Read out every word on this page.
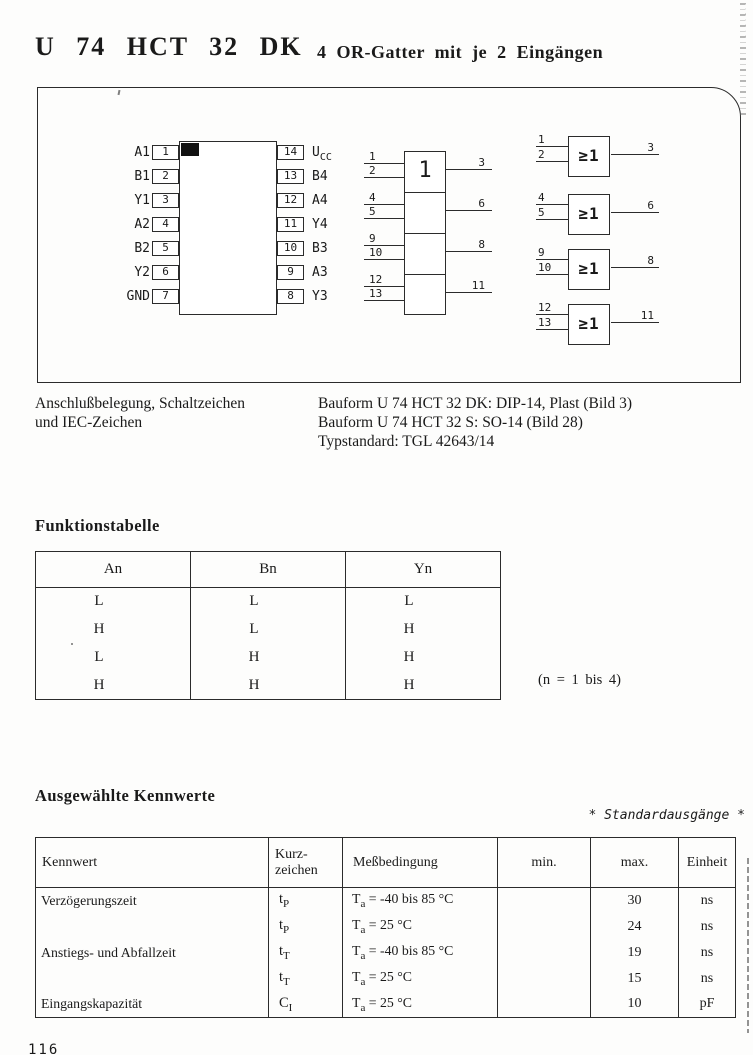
U 74 HCT 32 DK 4 OR-Gatter mit je 2 Eingängen
A1
B1
Y1
A2
B2
Y2
GND
1
2
3
4
5
6
7
14
13
12
11
10
9
8
$U_{CC}$
B4
A4
Y4
B3
A3
Y3
1
1
2
3
4
5
6
9
10
8
12
13
11
≥1
≥1
≥1
≥1
1
2
3
4
5
6
9
10
8
12
13
11
Anschlußbelegung, Schaltzeichen
und IEC-Zeichen
Bauform U 74 HCT 32 DK: DIP-14, Plast (Bild 3)
Bauform U 74 HCT 32 S: SO-14 (Bild 28)
Typstandard: TGL 42643/14
Funktionstabelle
An	Bn	Yn
L	L	L
H	L	H
L	H	H
H	H	H	(n = 1 bis 4)
Ausgewählte Kennwerte
* Standardausgänge *
Kennwert	Kurz-
zeichen	Meßbedingung	min.	max.	Einheit
Verzögerungszeit	$t_P$	$T_a = -40$ bis 85 °C		30	ns
	$t_P$	$T_a = 25$ °C		24	ns
Anstiegs- und Abfallzeit	$t_T$	$T_a = -40$ bis 85 °C		19	ns
	$t_T$	$T_a = 25$ °C		15	ns
Eingangskapazität	$C_I$	$T_a = 25$ °C		10	pF
116
